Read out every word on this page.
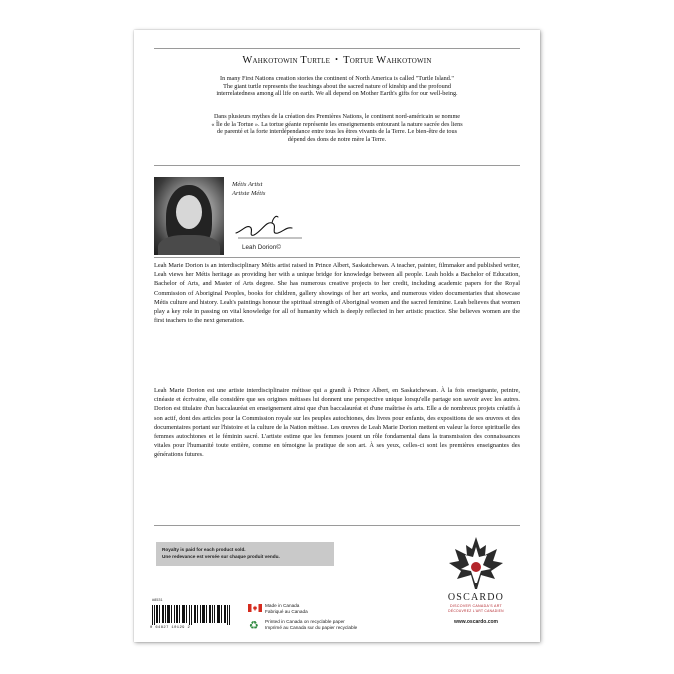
Wahkotowin Turtle • Tortue Wahkotowin
In many First Nations creation stories the continent of North America is called "Turtle Island."
The giant turtle represents the teachings about the sacred nature of kinship and the profound
interrelatedness among all life on earth. We all depend on Mother Earth's gifts for our well-being.
Dans plusieurs mythes de la création des Premières Nations, le continent nord-américain se nomme
« Île de la Tortue ». La tortue géante représente les enseignements entourant la nature sacrée des liens
de parenté et la forte interdépendance entre tous les êtres vivants de la Terre. Le bien-être de tous
dépend des dons de notre mère la Terre.
Métis Artist
Artiste Métis
Leah Dorion©

Leah Marie Dorion is an interdisciplinary Métis artist raised in Prince Albert, Saskatchewan. A teacher, painter, filmmaker and published writer, Leah views her Métis heritage as providing her with a unique bridge for knowledge between all people. Leah holds a Bachelor of Education, Bachelor of Arts, and Master of Arts degree. She has numerous creative projects to her credit, including academic papers for the Royal Commission of Aboriginal Peoples, books for children, gallery showings of her art works, and numerous video documentaries that showcase Métis culture and history. Leah's paintings honour the spiritual strength of Aboriginal women and the sacred feminine. Leah believes that women play a key role in passing on vital knowledge for all of humanity which is deeply reflected in her artistic practice. She believes women are the first teachers to the next generation.

Leah Marie Dorion est une artiste interdisciplinaire métisse qui a grandi à Prince Albert, en Saskatchewan. À la fois enseignante, peintre, cinéaste et écrivaine, elle considère que ses origines métisses lui donnent une perspective unique lorsqu'elle partage son savoir avec les autres. Dorion est titulaire d'un baccalauréat en enseignement ainsi que d'un baccalauréat et d'une maîtrise ès arts. Elle a de nombreux projets créatifs à son actif, dont des articles pour la Commission royale sur les peuples autochtones, des livres pour enfants, des expositions de ses œuvres et des documentaires portant sur l'histoire et la culture de la Nation métisse. Les œuvres de Leah Marie Dorion mettent en valeur la force spirituelle des femmes autochtones et le féminin sacré. L'artiste estime que les femmes jouent un rôle fondamental dans la transmission des connaissances vitales pour l'humanité toute entière, comme en témoigne la pratique de son art. À ses yeux, celles-ci sont les premières enseignantes des générations futures.

Royalty is paid for each product sold.
Une redevance est versée sur chaque produit vendu.
#8531
0 64827 10129 2
Made in Canada
Fabriqué au Canada
♻ Printed in Canada on recyclable paper
Imprimé au Canada sur du papier recyclable
OSCARDO
DISCOVER CANADA'S ART
DÉCOUVREZ L'ART CANADIEN
www.oscardo.com
